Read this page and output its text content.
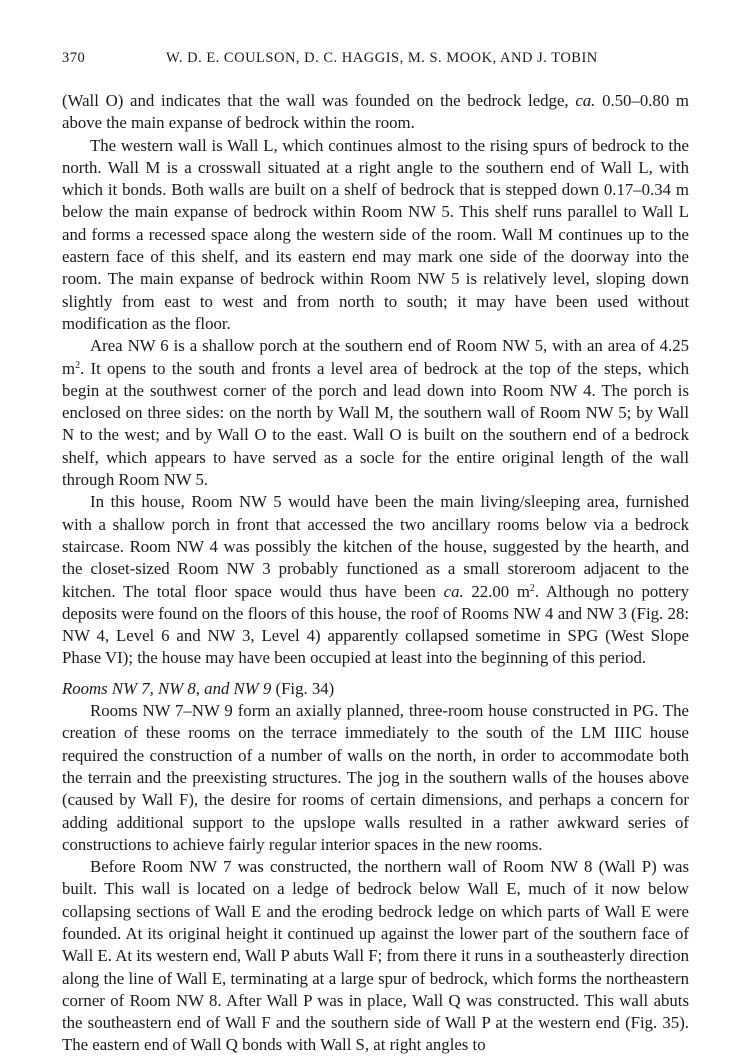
370	W. D. E. COULSON, D. C. HAGGIS, M. S. MOOK, AND J. TOBIN

(Wall O) and indicates that the wall was founded on the bedrock ledge, ca. 0.50–0.80 m above the main expanse of bedrock within the room.

The western wall is Wall L, which continues almost to the rising spurs of bedrock to the north. Wall M is a crosswall situated at a right angle to the southern end of Wall L, with which it bonds. Both walls are built on a shelf of bedrock that is stepped down 0.17–0.34 m below the main expanse of bedrock within Room NW 5. This shelf runs parallel to Wall L and forms a recessed space along the western side of the room. Wall M continues up to the eastern face of this shelf, and its eastern end may mark one side of the doorway into the room. The main expanse of bedrock within Room NW 5 is relatively level, sloping down slightly from east to west and from north to south; it may have been used without modification as the floor.

Area NW 6 is a shallow porch at the southern end of Room NW 5, with an area of 4.25 $m^2$. It opens to the south and fronts a level area of bedrock at the top of the steps, which begin at the southwest corner of the porch and lead down into Room NW 4. The porch is enclosed on three sides: on the north by Wall M, the southern wall of Room NW 5; by Wall N to the west; and by Wall O to the east. Wall O is built on the southern end of a bedrock shelf, which appears to have served as a socle for the entire original length of the wall through Room NW 5.

In this house, Room NW 5 would have been the main living/sleeping area, furnished with a shallow porch in front that accessed the two ancillary rooms below via a bedrock staircase. Room NW 4 was possibly the kitchen of the house, suggested by the hearth, and the closet-sized Room NW 3 probably functioned as a small storeroom adjacent to the kitchen. The total floor space would thus have been ca. 22.00 $m^2$. Although no pottery deposits were found on the floors of this house, the roof of Rooms NW 4 and NW 3 (Fig. 28: NW 4, Level 6 and NW 3, Level 4) apparently collapsed sometime in SPG (West Slope Phase VI); the house may have been occupied at least into the beginning of this period.

Rooms NW 7, NW 8, and NW 9 (Fig. 34)

Rooms NW 7–NW 9 form an axially planned, three-room house constructed in PG. The creation of these rooms on the terrace immediately to the south of the LM IIIC house required the construction of a number of walls on the north, in order to accommodate both the terrain and the preexisting structures. The jog in the southern walls of the houses above (caused by Wall F), the desire for rooms of certain dimensions, and perhaps a concern for adding additional support to the upslope walls resulted in a rather awkward series of constructions to achieve fairly regular interior spaces in the new rooms.

Before Room NW 7 was constructed, the northern wall of Room NW 8 (Wall P) was built. This wall is located on a ledge of bedrock below Wall E, much of it now below collapsing sections of Wall E and the eroding bedrock ledge on which parts of Wall E were founded. At its original height it continued up against the lower part of the southern face of Wall E. At its western end, Wall P abuts Wall F; from there it runs in a southeasterly direction along the line of Wall E, terminating at a large spur of bedrock, which forms the northeastern corner of Room NW 8. After Wall P was in place, Wall Q was constructed. This wall abuts the southeastern end of Wall F and the southern side of Wall P at the western end (Fig. 35). The eastern end of Wall Q bonds with Wall S, at right angles to
